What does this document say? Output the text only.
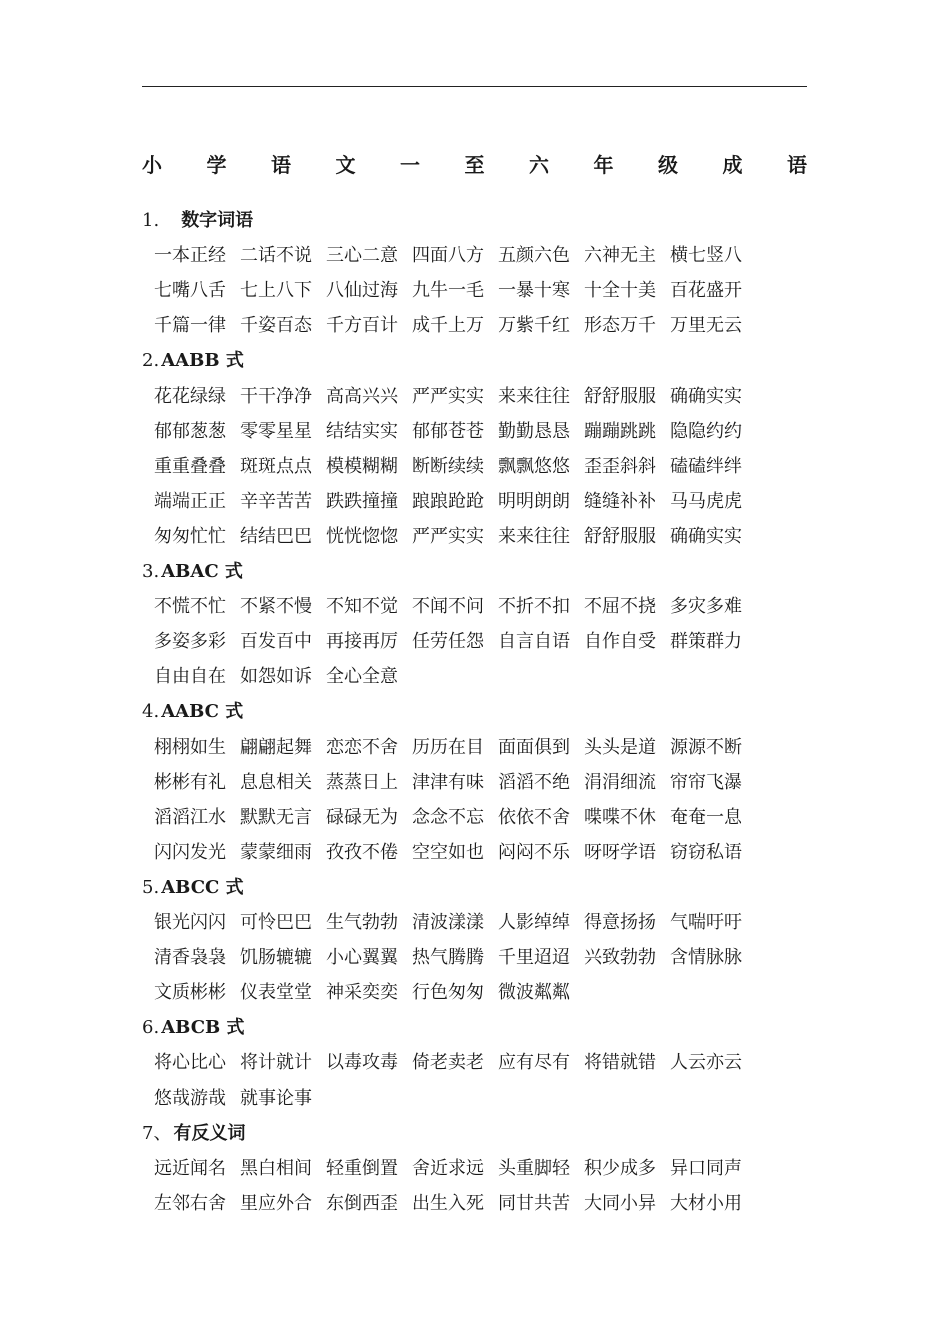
小 学 语 文 一 至 六 年 级 成 语
1. 数字词语
一本正经 二话不说 三心二意 四面八方 五颜六色 六神无主 横七竖八
七嘴八舌 七上八下 八仙过海 九牛一毛 一暴十寒 十全十美 百花盛开
千篇一律 千姿百态 千方百计 成千上万 万紫千红 形态万千 万里无云
2. AABB 式
花花绿绿 干干净净 高高兴兴 严严实实 来来往往 舒舒服服 确确实实
郁郁葱葱 零零星星 结结实实 郁郁苍苍 勤勤恳恳 蹦蹦跳跳 隐隐约约
重重叠叠 斑斑点点 模模糊糊 断断续续 飘飘悠悠 歪歪斜斜 磕磕绊绊
端端正正 辛辛苦苦 跌跌撞撞 踉踉跄跄 明明朗朗 缝缝补补 马马虎虎
匆匆忙忙 结结巴巴 恍恍惚惚 严严实实 来来往往 舒舒服服 确确实实
3. ABAC 式
不慌不忙 不紧不慢 不知不觉 不闻不问 不折不扣 不屈不挠 多灾多难
多姿多彩 百发百中 再接再厉 任劳任怨 自言自语 自作自受 群策群力
自由自在 如怨如诉 全心全意
4. AABC 式
栩栩如生 翩翩起舞 恋恋不舍 历历在目 面面俱到 头头是道 源源不断
彬彬有礼 息息相关 蒸蒸日上 津津有味 滔滔不绝 涓涓细流 帘帘飞瀑
滔滔江水 默默无言 碌碌无为 念念不忘 依依不舍 喋喋不休 奄奄一息
闪闪发光 蒙蒙细雨 孜孜不倦 空空如也 闷闷不乐 呀呀学语 窃窃私语
5. ABCC 式
银光闪闪 可怜巴巴 生气勃勃 清波漾漾 人影绰绰 得意扬扬 气喘吁吁
清香袅袅 饥肠辘辘 小心翼翼 热气腾腾 千里迢迢 兴致勃勃 含情脉脉
文质彬彬 仪表堂堂 神采奕奕 行色匆匆 微波粼粼
6. ABCB 式
将心比心 将计就计 以毒攻毒 倚老卖老 应有尽有 将错就错 人云亦云
悠哉游哉 就事论事
7、 有反义词
远近闻名 黑白相间 轻重倒置 舍近求远 头重脚轻 积少成多 异口同声
左邻右舍 里应外合 东倒西歪 出生入死 同甘共苦 大同小异 大材小用
